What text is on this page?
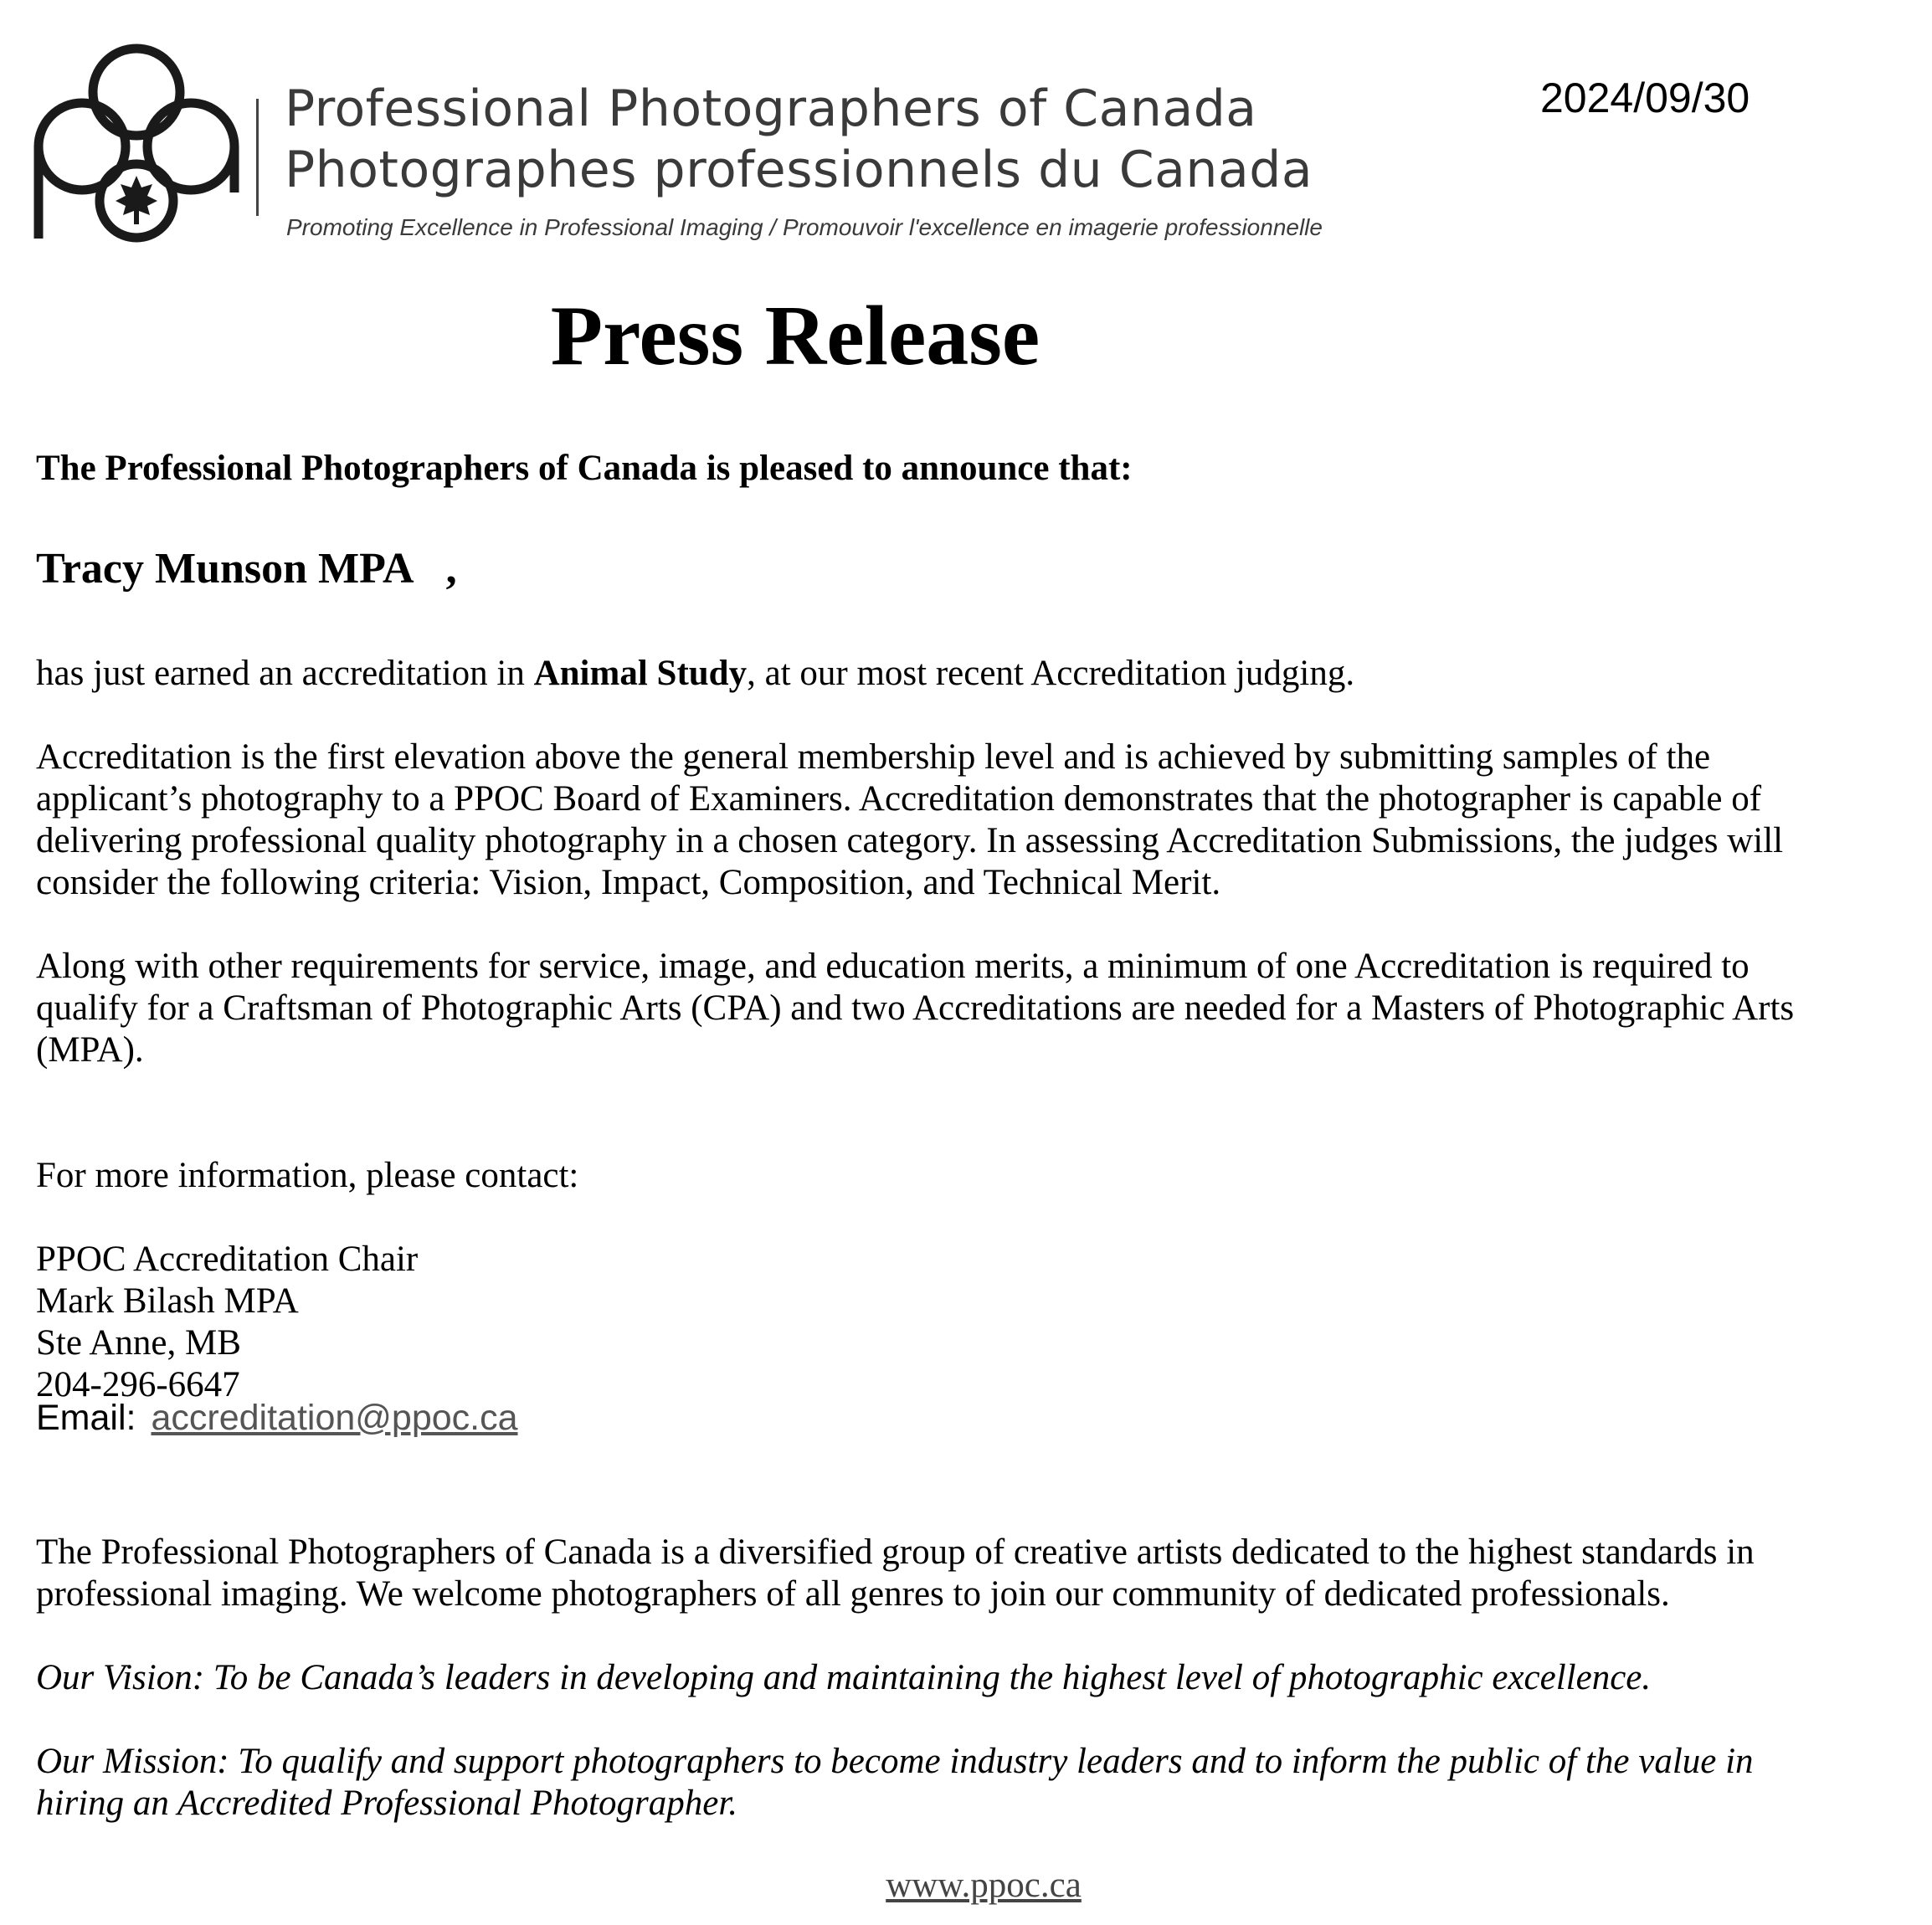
Professional Photographers of Canada
Photographes professionnels du Canada
Promoting Excellence in Professional Imaging / Promouvoir l'excellence en imagerie professionnelle
2024/09/30
Press Release
The Professional Photographers of Canada is pleased to announce that:
Tracy Munson MPA ,
has just earned an accreditation in Animal Study, at our most recent Accreditation judging.
Accreditation is the first elevation above the general membership level and is achieved by submitting samples of the
applicant’s photography to a PPOC Board of Examiners. Accreditation demonstrates that the photographer is capable of
delivering professional quality photography in a chosen category. In assessing Accreditation Submissions, the judges will
consider the following criteria: Vision, Impact, Composition, and Technical Merit.
Along with other requirements for service, image, and education merits, a minimum of one Accreditation is required to
qualify for a Craftsman of Photographic Arts (CPA) and two Accreditations are needed for a Masters of Photographic Arts
(MPA).
For more information, please contact:
PPOC Accreditation Chair
Mark Bilash MPA
Ste Anne, MB
204-296-6647
Email: accreditation@ppoc.ca
The Professional Photographers of Canada is a diversified group of creative artists dedicated to the highest standards in
professional imaging. We welcome photographers of all genres to join our community of dedicated professionals.
Our Vision: To be Canada’s leaders in developing and maintaining the highest level of photographic excellence.
Our Mission: To qualify and support photographers to become industry leaders and to inform the public of the value in
hiring an Accredited Professional Photographer.
www.ppoc.ca
